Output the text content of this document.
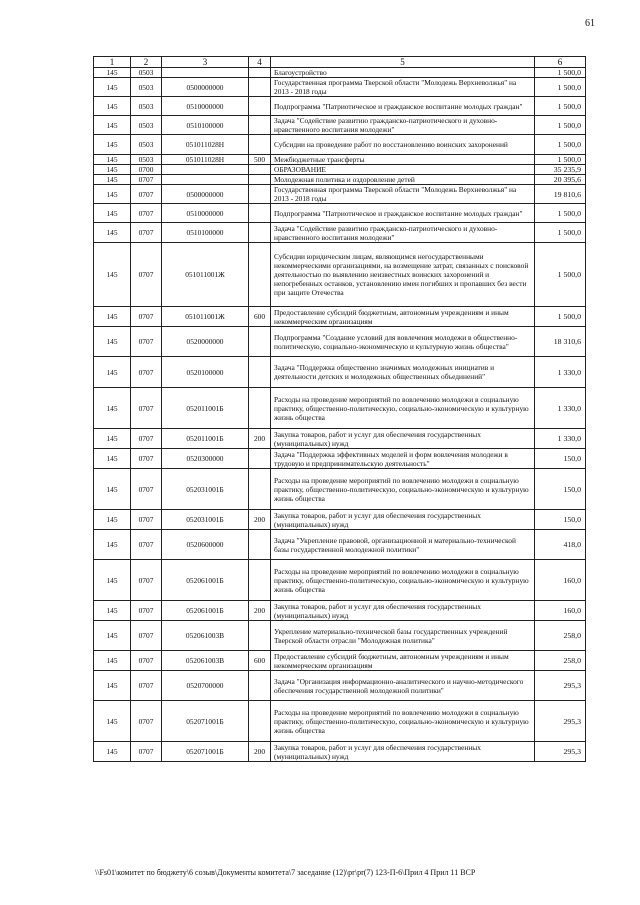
61
1	2	3	4	5	6
145	0503			Благоустройство	1 500,0
145	0503	0500000000		Государственная программа Тверской области "Молодежь Верхневолжья" на 2013 - 2018 годы	1 500,0
145	0503	0510000000		Подпрограмма "Патриотическое и гражданское воспитание молодых граждан"	1 500,0
145	0503	0510100000		Задача "Содействие развитию гражданско-патриотического и духовно-нравственного воспитания молодежи"	1 500,0
145	0503	051011028Н		Субсидии на проведение работ по восстановлению воинских захоронений	1 500,0
145	0503	051011028Н	500	Межбюджетные трансферты	1 500,0
145	0700			ОБРАЗОВАНИЕ	35 235,9
145	0707			Молодежная политика и оздоровление детей	20 395,6
145	0707	0500000000		Государственная программа Тверской области "Молодежь Верхневолжья" на 2013 - 2018 годы	19 810,6
145	0707	0510000000		Подпрограмма "Патриотическое и гражданское воспитание молодых граждан"	1 500,0
145	0707	0510100000		Задача "Содействие развитию гражданско-патриотического и духовно-нравственного воспитания молодежи"	1 500,0
145	0707	051011001Ж		Субсидии юридическим лицам, являющимся негосударственными некоммерческими организациями, на возмещение затрат, связанных с поисковой деятельностью по выявлению неизвестных воинских захоронений и непогребенных останков, установлению имен погибших и пропавших без вести при защите Отечества	1 500,0
145	0707	051011001Ж	600	Предоставление субсидий бюджетным, автономным учреждениям и иным некоммерческим организациям	1 500,0
145	0707	0520000000		Подпрограмма "Создание условий для вовлечения молодежи в общественно-политическую, социально-экономическую и культурную жизнь общества"	18 310,6
145	0707	0520100000		Задача "Поддержка общественно значимых молодежных инициатив и деятельности детских и молодежных общественных объединений"	1 330,0
145	0707	052011001Б		Расходы на проведение мероприятий по вовлечению молодежи в социальную практику, общественно-политическую, социально-экономическую и культурную жизнь общества	1 330,0
145	0707	052011001Б	200	Закупка товаров, работ и услуг для обеспечения государственных (муниципальных) нужд	1 330,0
145	0707	0520300000		Задача "Поддержка эффективных моделей и форм вовлечения молодежи в трудовую и предпринимательскую деятельность"	150,0
145	0707	052031001Б		Расходы на проведение мероприятий по вовлечению молодежи в социальную практику, общественно-политическую, социально-экономическую и культурную жизнь общества	150,0
145	0707	052031001Б	200	Закупка товаров, работ и услуг для обеспечения государственных (муниципальных) нужд	150,0
145	0707	0520600000		Задача "Укрепление правовой, организационной и материально-технической базы государственной молодежной политики"	418,0
145	0707	052061001Б		Расходы на проведение мероприятий по вовлечению молодежи в социальную практику, общественно-политическую, социально-экономическую и культурную жизнь общества	160,0
145	0707	052061001Б	200	Закупка товаров, работ и услуг для обеспечения государственных (муниципальных) нужд	160,0
145	0707	052061003В		Укрепление материально-технической базы государственных учреждений Тверской области отрасли "Молодежная политика"	258,0
145	0707	052061003В	600	Предоставление субсидий бюджетным, автономным учреждениям и иным некоммерческим организациям	258,0
145	0707	0520700000		Задача "Организация информационно-аналитического и научно-методического обеспечения государственной молодежной политики"	295,3
145	0707	052071001Б		Расходы на проведение мероприятий по вовлечению молодежи в социальную практику, общественно-политическую, социально-экономическую и культурную жизнь общества	295,3
145	0707	052071001Б	200	Закупка товаров, работ и услуг для обеспечения государственных (муниципальных) нужд	295,3
\\Fs01\комитет по бюджету\6 созыв\Документы комитета\7 заседание (12)\рr\рr(7) 123-П-6\Прил 4 Прил 11 ВСР
